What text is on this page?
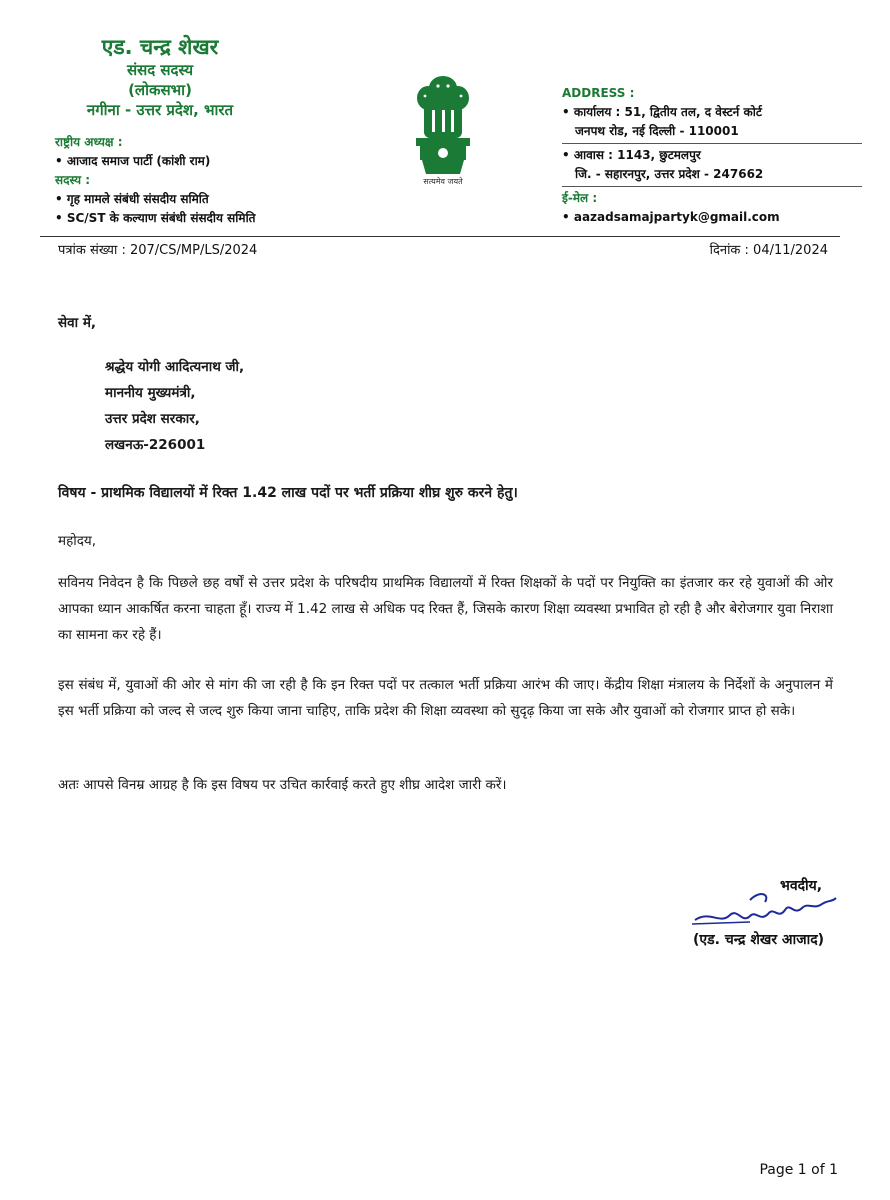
एड. चन्द्र शेखर
संसद सदस्य
(लोकसभा)
नगीना - उत्तर प्रदेश, भारत
राष्ट्रीय अध्यक्ष :
• आजाद समाज पार्टी (कांशी राम)
सदस्य :
• गृह मामले संबंधी संसदीय समिति
• SC/ST के कल्याण संबंधी संसदीय समिति
सत्यमेव जयते
ADDRESS :
• कार्यालय : 51, द्वितीय तल, द वेस्टर्न कोर्ट
जनपथ रोड, नई दिल्ली - 110001
• आवास : 1143, छुटमलपुर
जि. - सहारनपुर, उत्तर प्रदेश - 247662
ई-मेल :
• aazadsamajpartyk@gmail.com
पत्रांक संख्या : 207/CS/MP/LS/2024	दिनांक : 04/11/2024
सेवा में,
श्रद्धेय योगी आदित्यनाथ जी,
माननीय मुख्यमंत्री,
उत्तर प्रदेश सरकार,
लखनऊ-226001
विषय - प्राथमिक विद्यालयों में रिक्त 1.42 लाख पदों पर भर्ती प्रक्रिया शीघ्र शुरु करने हेतु।
महोदय,
सविनय निवेदन है कि पिछले छह वर्षों से उत्तर प्रदेश के परिषदीय प्राथमिक विद्यालयों में रिक्त शिक्षकों के पदों पर नियुक्ति का इंतजार कर रहे युवाओं की ओर आपका ध्यान आकर्षित करना चाहता हूँ। राज्य में 1.42 लाख से अधिक पद रिक्त हैं, जिसके कारण शिक्षा व्यवस्था प्रभावित हो रही है और बेरोजगार युवा निराशा का सामना कर रहे हैं।
इस संबंध में, युवाओं की ओर से मांग की जा रही है कि इन रिक्त पदों पर तत्काल भर्ती प्रक्रिया आरंभ की जाए। केंद्रीय शिक्षा मंत्रालय के निर्देशों के अनुपालन में इस भर्ती प्रक्रिया को जल्द से जल्द शुरु किया जाना चाहिए, ताकि प्रदेश की शिक्षा व्यवस्था को सुदृढ़ किया जा सके और युवाओं को रोजगार प्राप्त हो सके।
अतः आपसे विनम्र आग्रह है कि इस विषय पर उचित कार्रवाई करते हुए शीघ्र आदेश जारी करें।
भवदीय,
(एड. चन्द्र शेखर आजाद)
Page 1 of 1
